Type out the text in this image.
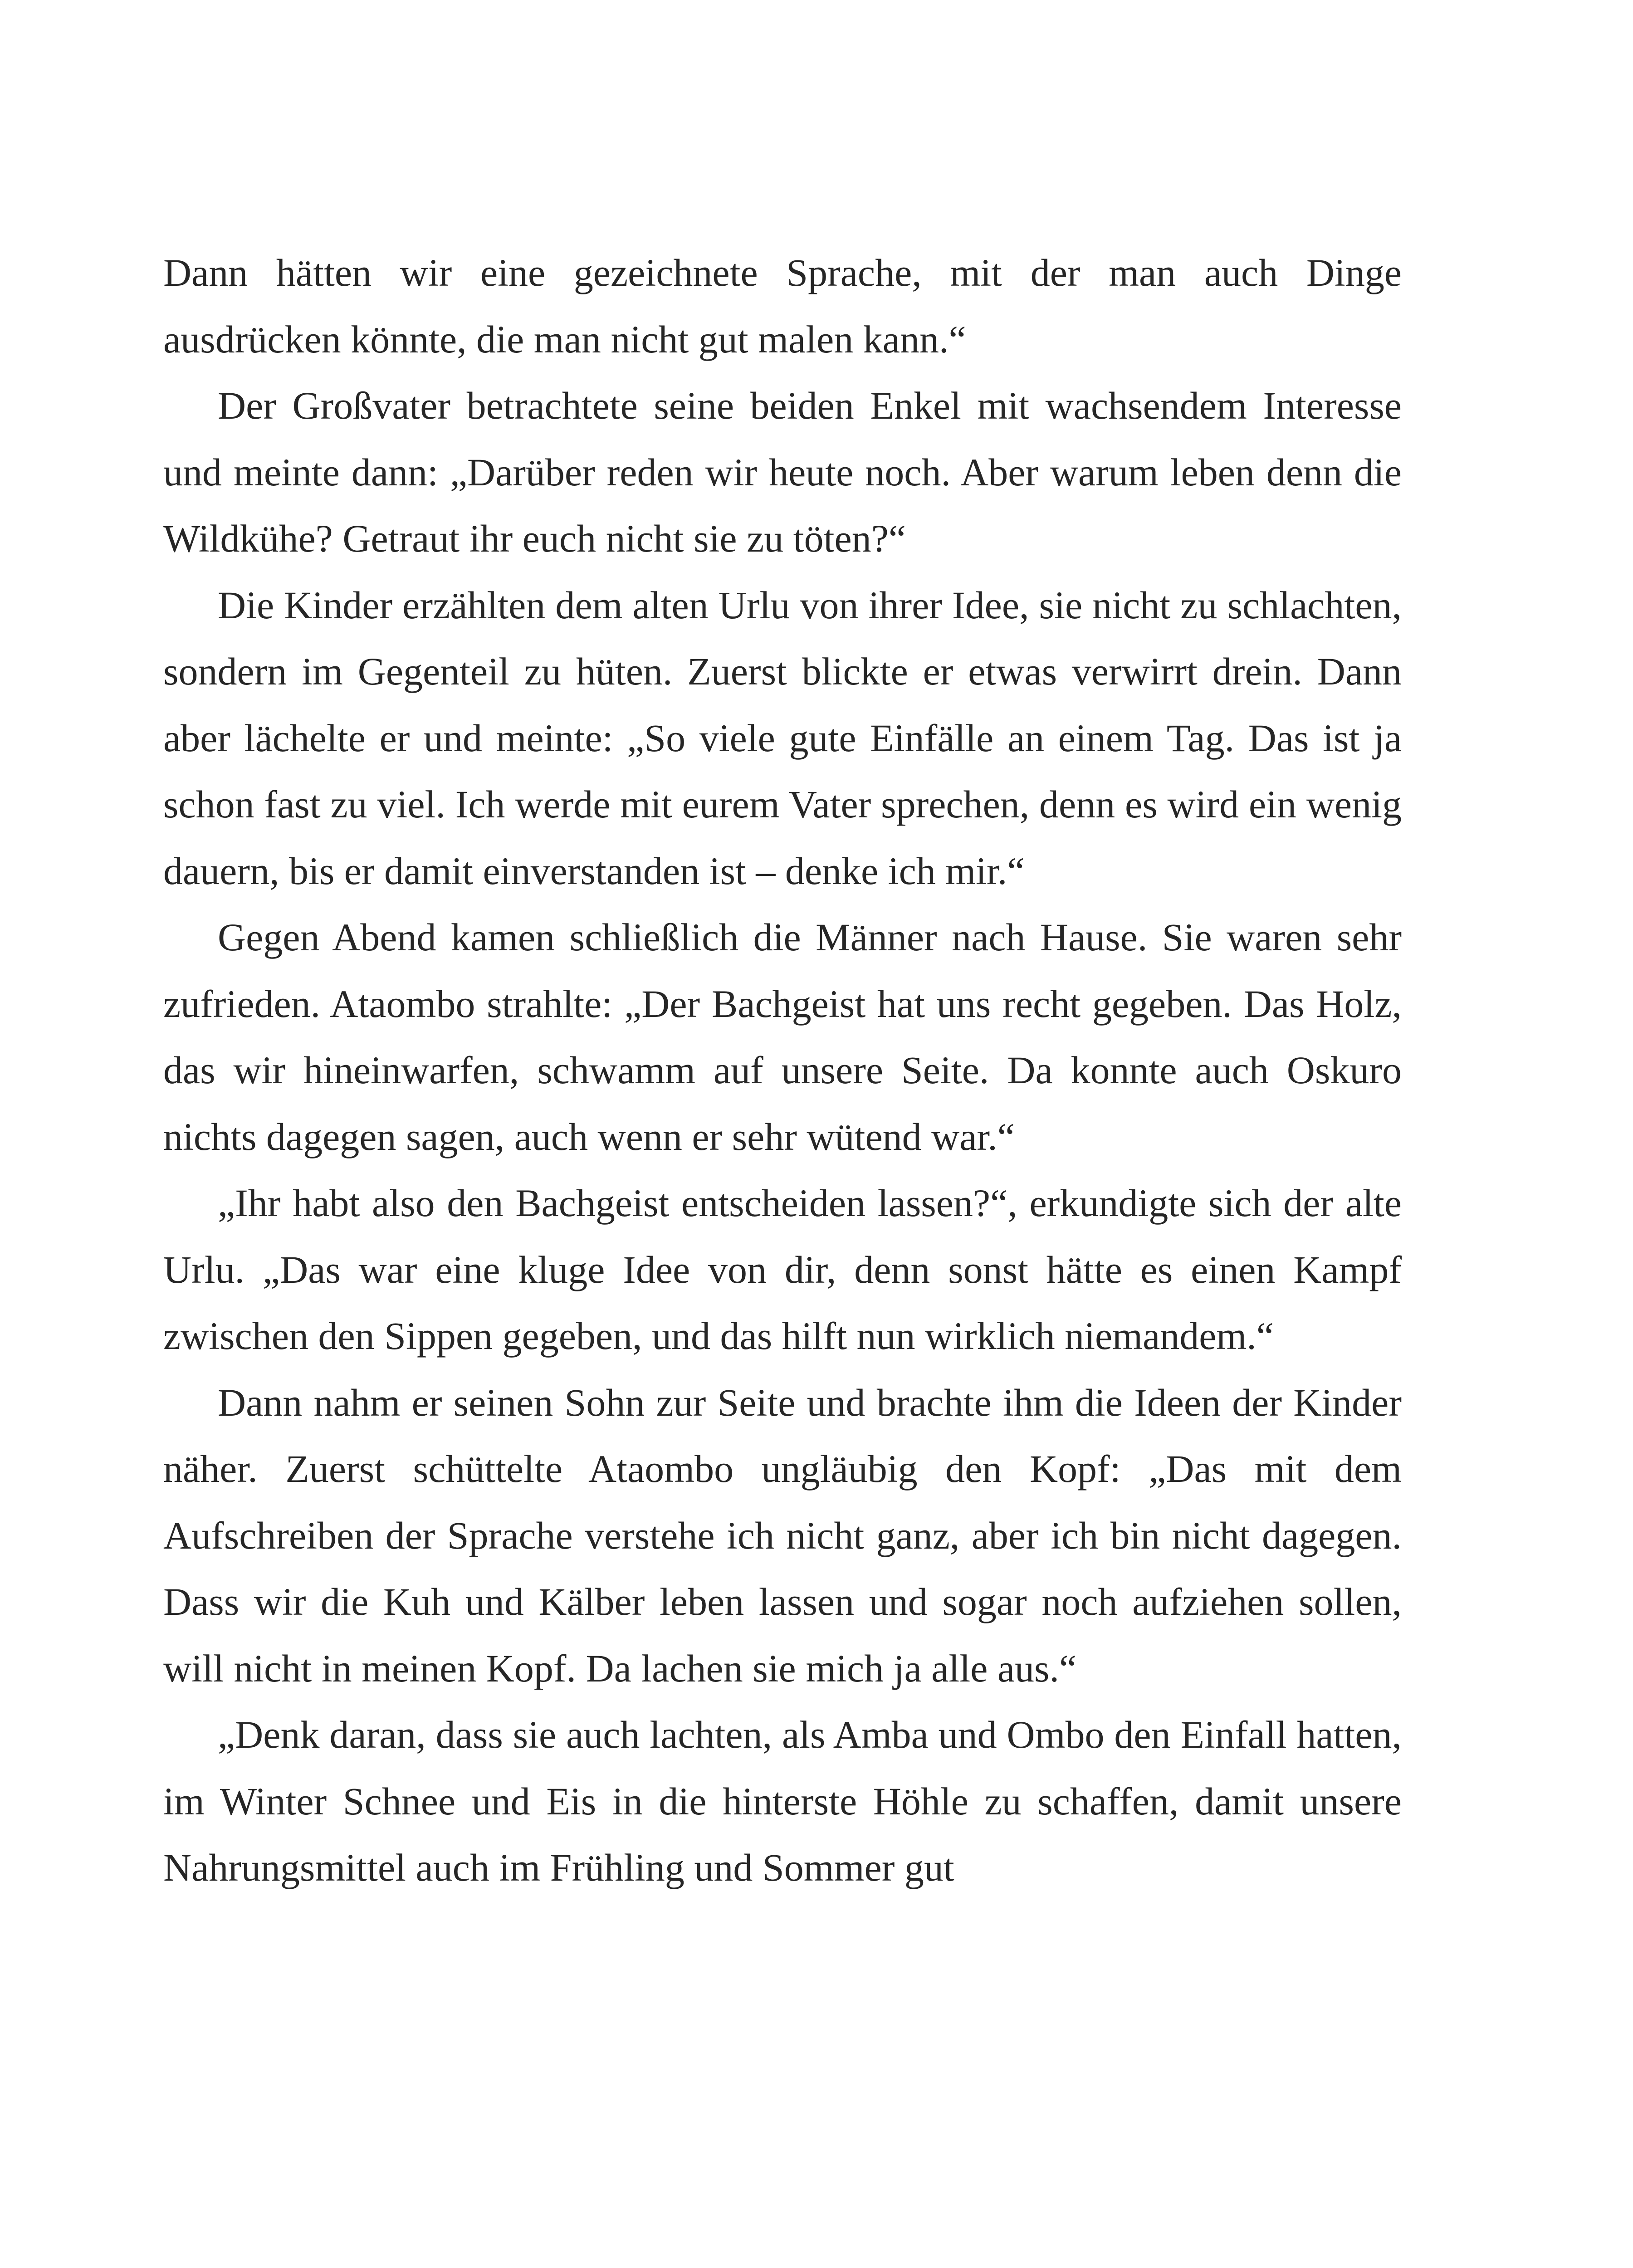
Dann hätten wir eine gezeichnete Sprache, mit der man auch Dinge ausdrücken könnte, die man nicht gut malen kann.“

Der Großvater betrachtete seine beiden Enkel mit wachsendem Interesse und meinte dann: „Darüber reden wir heute noch. Aber warum leben denn die Wildkühe? Getraut ihr euch nicht sie zu töten?“

Die Kinder erzählten dem alten Urlu von ihrer Idee, sie nicht zu schlachten, sondern im Gegenteil zu hüten. Zuerst blickte er etwas verwirrt drein. Dann aber lächelte er und meinte: „So viele gute Einfälle an einem Tag. Das ist ja schon fast zu viel. Ich werde mit eurem Vater sprechen, denn es wird ein wenig dauern, bis er damit einverstanden ist – denke ich mir.“

Gegen Abend kamen schließlich die Männer nach Hause. Sie waren sehr zufrieden. Ataombo strahlte: „Der Bachgeist hat uns recht gegeben. Das Holz, das wir hineinwarfen, schwamm auf unsere Seite. Da konnte auch Oskuro nichts dagegen sagen, auch wenn er sehr wütend war.“

„Ihr habt also den Bachgeist entscheiden lassen?“, erkundigte sich der alte Urlu. „Das war eine kluge Idee von dir, denn sonst hätte es einen Kampf zwischen den Sippen gegeben, und das hilft nun wirklich niemandem.“

Dann nahm er seinen Sohn zur Seite und brachte ihm die Ideen der Kinder näher. Zuerst schüttelte Ataombo ungläubig den Kopf: „Das mit dem Aufschreiben der Sprache verstehe ich nicht ganz, aber ich bin nicht dagegen. Dass wir die Kuh und Kälber leben lassen und sogar noch aufziehen sollen, will nicht in meinen Kopf. Da lachen sie mich ja alle aus.“

„Denk daran, dass sie auch lachten, als Amba und Ombo den Einfall hatten, im Winter Schnee und Eis in die hinterste Höhle zu schaffen, damit unsere Nahrungsmittel auch im Frühling und Sommer gut
